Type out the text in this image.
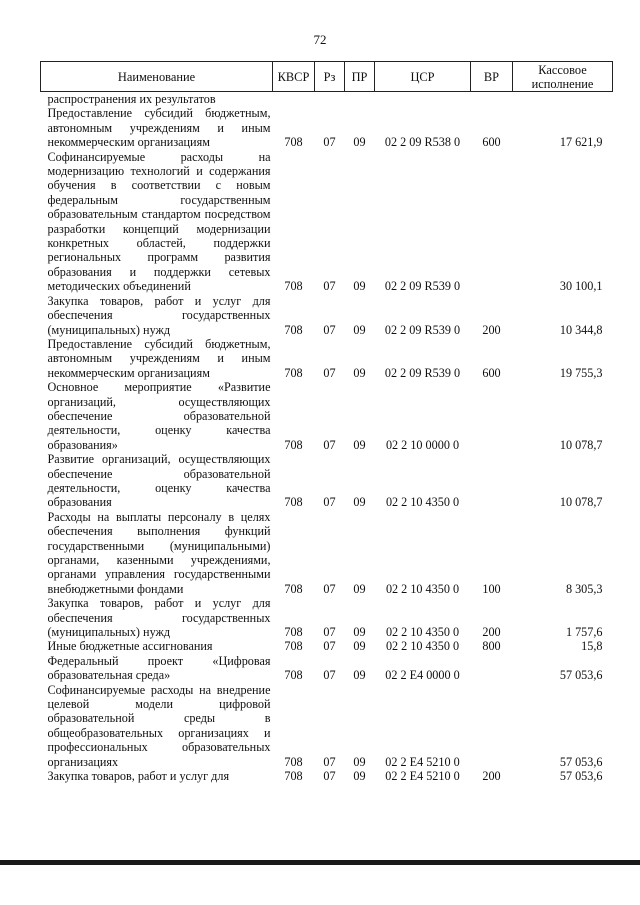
72
Наименование	КВСР	Рз	ПР	ЦСР	ВР	Кассовое исполнение
распространения их результатов						
Предоставление субсидий бюджетным, автономным учреждениям и иным некоммерческим организациям	708	07	09	02 2 09 R538 0	600	17 621,9
Софинансируемые расходы на модернизацию технологий и содержания обучения в соответствии с новым федеральным государственным образовательным стандартом посредством разработки концепций модернизации конкретных областей, поддержки региональных программ развития образования и поддержки сетевых методических объединений	708	07	09	02 2 09 R539 0		30 100,1
Закупка товаров, работ и услуг для обеспечения государственных (муниципальных) нужд	708	07	09	02 2 09 R539 0	200	10 344,8
Предоставление субсидий бюджетным, автономным учреждениям и иным некоммерческим организациям	708	07	09	02 2 09 R539 0	600	19 755,3
Основное мероприятие «Развитие организаций, осуществляющих обеспечение образовательной деятельности, оценку качества образования»	708	07	09	02 2 10 0000 0		10 078,7
Развитие организаций, осуществляющих обеспечение образовательной деятельности, оценку качества образования	708	07	09	02 2 10 4350 0		10 078,7
Расходы на выплаты персоналу в целях обеспечения выполнения функций государственными (муниципальными) органами, казенными учреждениями, органами управления государственными внебюджетными фондами	708	07	09	02 2 10 4350 0	100	8 305,3
Закупка товаров, работ и услуг для обеспечения государственных (муниципальных) нужд	708	07	09	02 2 10 4350 0	200	1 757,6
Иные бюджетные ассигнования	708	07	09	02 2 10 4350 0	800	15,8
Федеральный проект «Цифровая образовательная среда»	708	07	09	02 2 E4 0000 0		57 053,6
Софинансируемые расходы на внедрение целевой модели цифровой образовательной среды в общеобразовательных организациях и профессиональных образовательных организациях	708	07	09	02 2 E4 5210 0		57 053,6
Закупка товаров, работ и услуг для	708	07	09	02 2 E4 5210 0	200	57 053,6
